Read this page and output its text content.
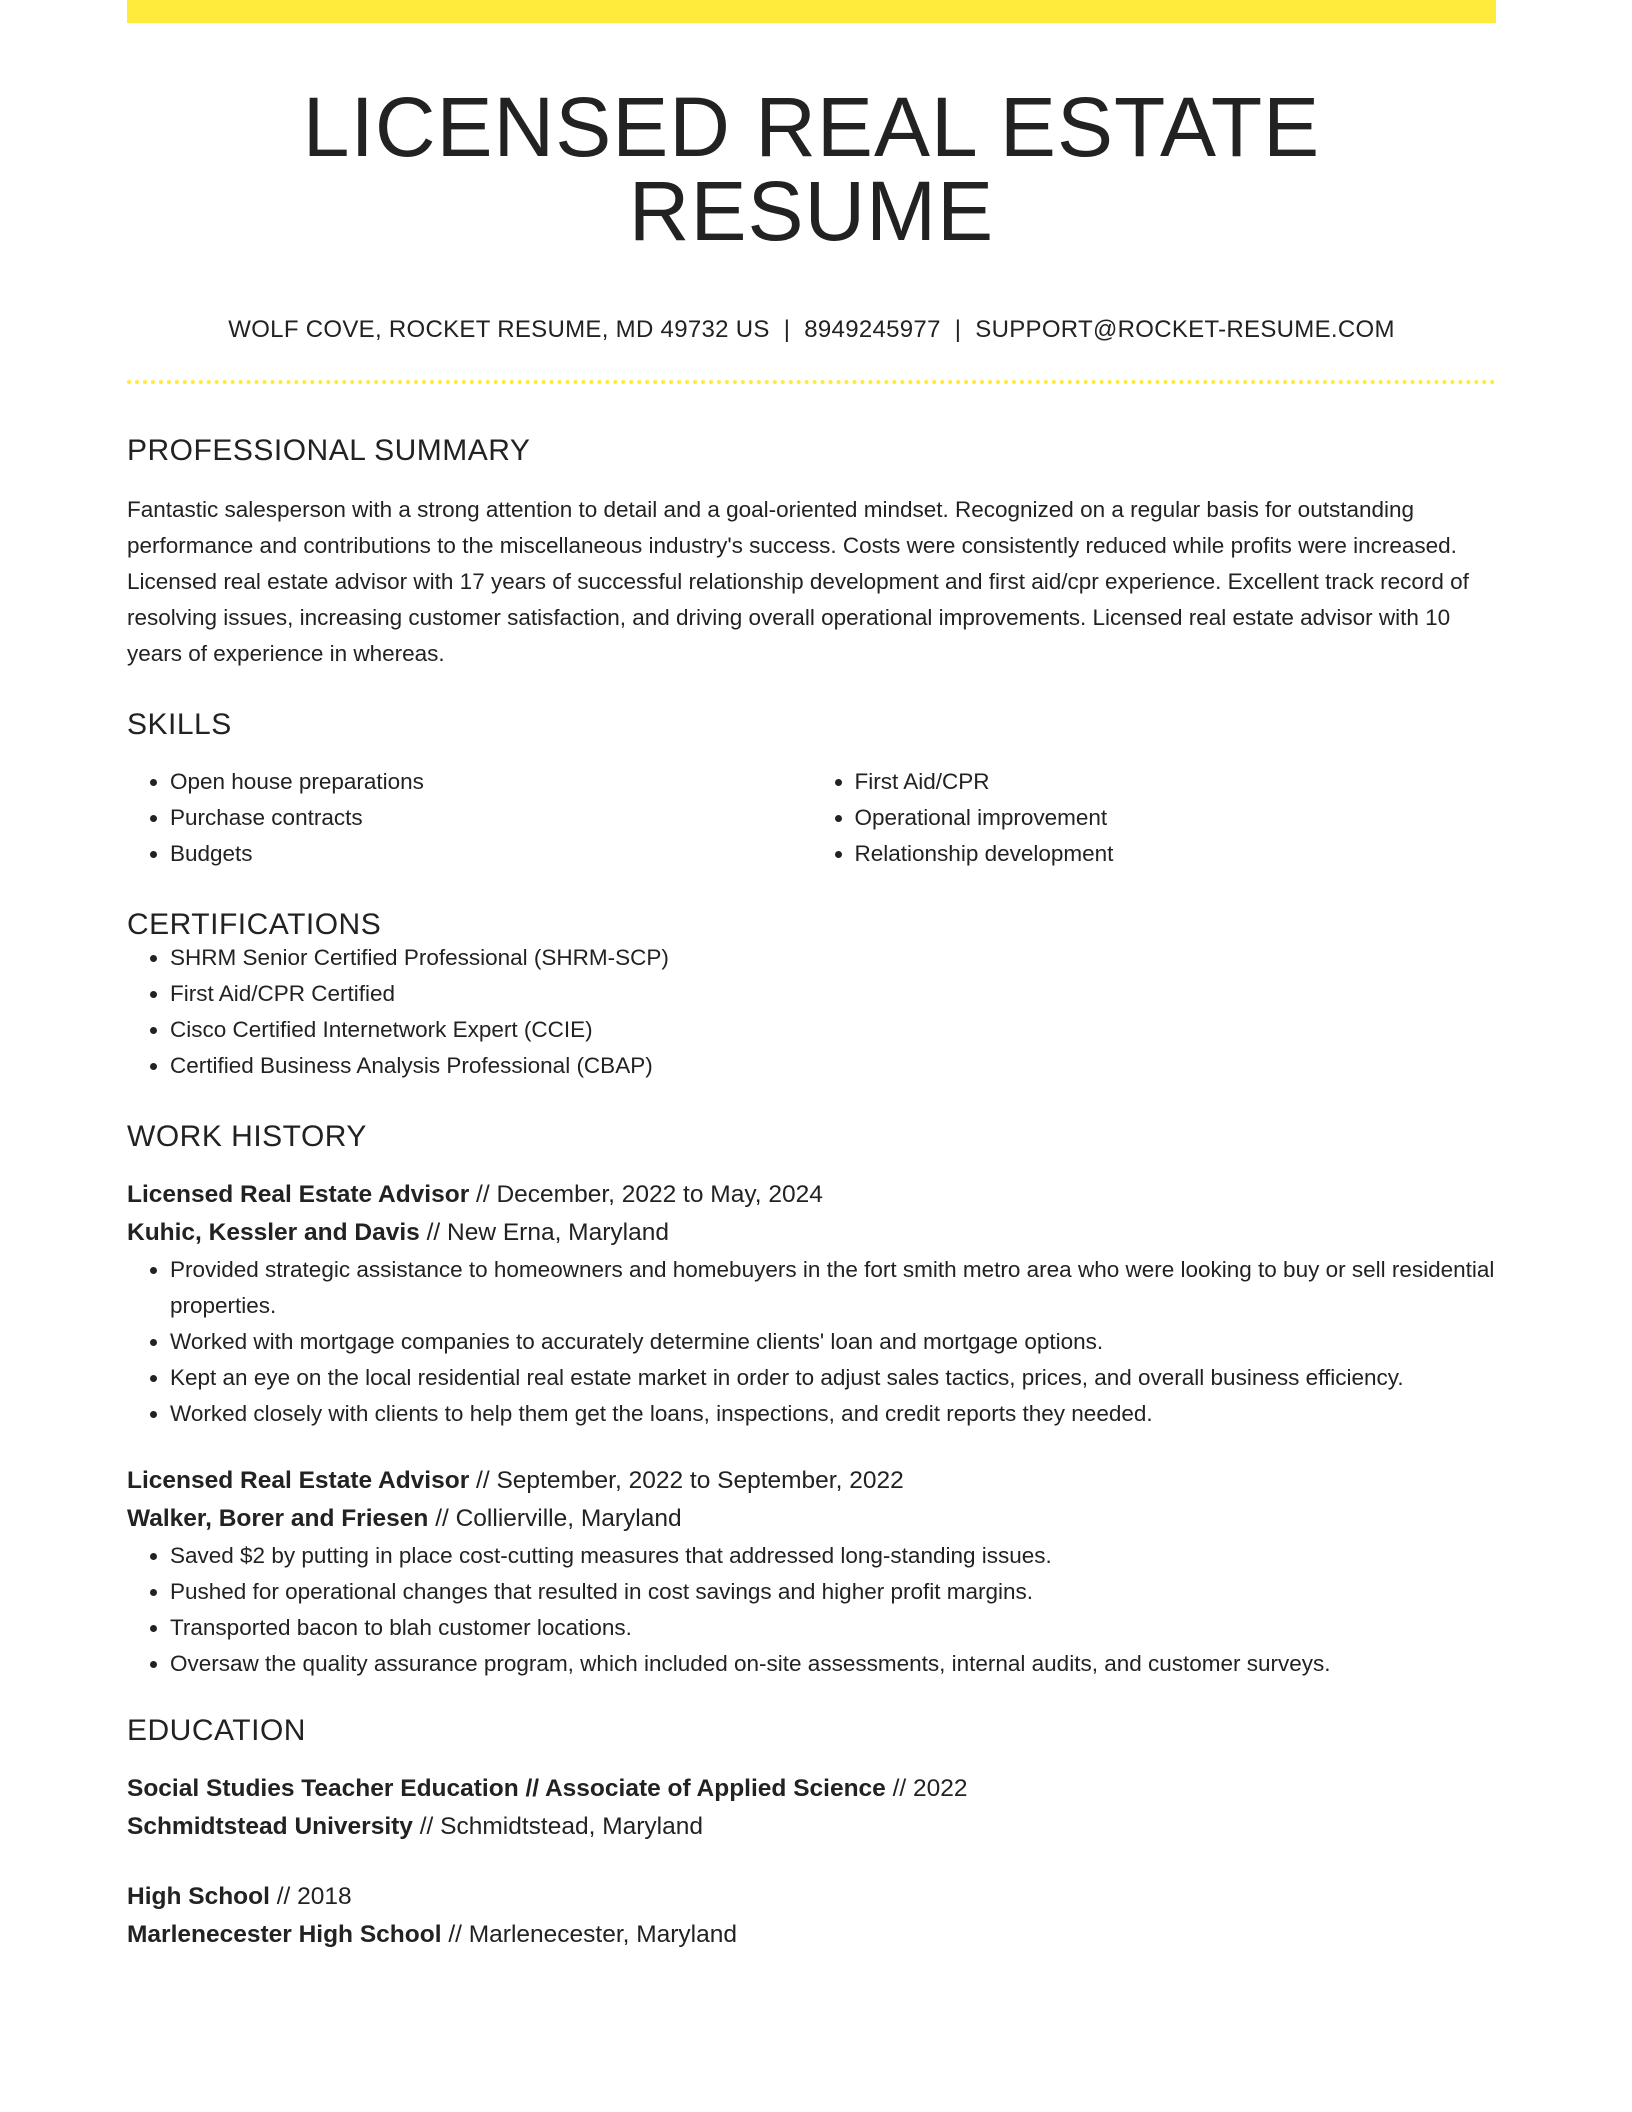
LICENSED REAL ESTATE RESUME
WOLF COVE, ROCKET RESUME, MD 49732 US | 8949245977 | SUPPORT@ROCKET-RESUME.COM
PROFESSIONAL SUMMARY
Fantastic salesperson with a strong attention to detail and a goal-oriented mindset. Recognized on a regular basis for outstanding performance and contributions to the miscellaneous industry's success. Costs were consistently reduced while profits were increased. Licensed real estate advisor with 17 years of successful relationship development and first aid/cpr experience. Excellent track record of resolving issues, increasing customer satisfaction, and driving overall operational improvements. Licensed real estate advisor with 10 years of experience in whereas.
SKILLS
• Open house preparations
• Purchase contracts
• Budgets
• First Aid/CPR
• Operational improvement
• Relationship development
CERTIFICATIONS
• SHRM Senior Certified Professional (SHRM-SCP)
• First Aid/CPR Certified
• Cisco Certified Internetwork Expert (CCIE)
• Certified Business Analysis Professional (CBAP)
WORK HISTORY
Licensed Real Estate Advisor // December, 2022 to May, 2024
Kuhic, Kessler and Davis // New Erna, Maryland
• Provided strategic assistance to homeowners and homebuyers in the fort smith metro area who were looking to buy or sell residential properties.
• Worked with mortgage companies to accurately determine clients' loan and mortgage options.
• Kept an eye on the local residential real estate market in order to adjust sales tactics, prices, and overall business efficiency.
• Worked closely with clients to help them get the loans, inspections, and credit reports they needed.
Licensed Real Estate Advisor // September, 2022 to September, 2022
Walker, Borer and Friesen // Collierville, Maryland
• Saved $2 by putting in place cost-cutting measures that addressed long-standing issues.
• Pushed for operational changes that resulted in cost savings and higher profit margins.
• Transported bacon to blah customer locations.
• Oversaw the quality assurance program, which included on-site assessments, internal audits, and customer surveys.
EDUCATION
Social Studies Teacher Education // Associate of Applied Science // 2022
Schmidtstead University // Schmidtstead, Maryland
High School // 2018
Marlenecester High School // Marlenecester, Maryland
